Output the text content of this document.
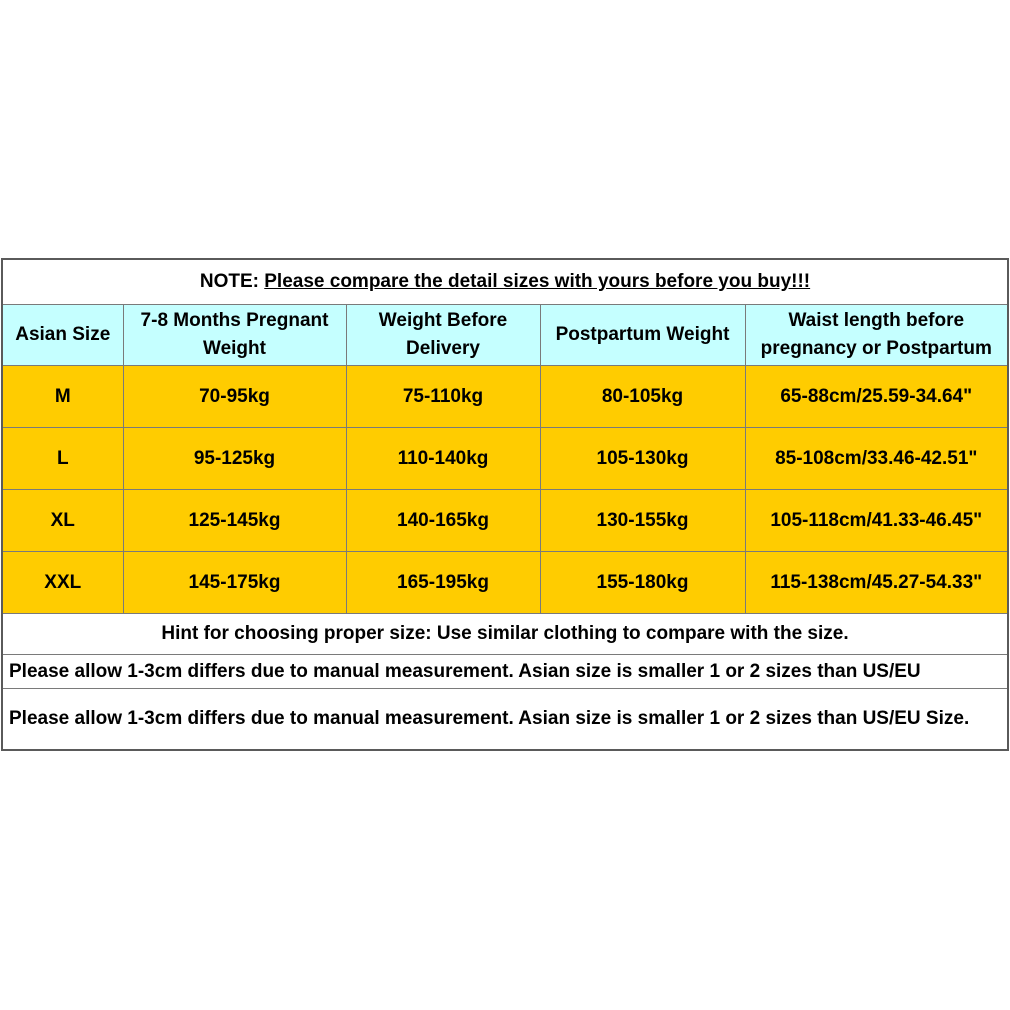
NOTE: Please compare the detail sizes with yours before you buy!!!				
Asian Size	7-8 Months Pregnant Weight	Weight Before Delivery	Postpartum Weight	Waist length before pregnancy or Postpartum
M	70-95kg	75-110kg	80-105kg	65-88cm/25.59-34.64"
L	95-125kg	110-140kg	105-130kg	85-108cm/33.46-42.51"
XL	125-145kg	140-165kg	130-155kg	105-118cm/41.33-46.45"
XXL	145-175kg	165-195kg	155-180kg	115-138cm/45.27-54.33"
Hint for choosing proper size: Use similar clothing to compare with the size.				
Please allow 1-3cm differs due to manual measurement. Asian size is smaller 1 or 2 sizes than US/EU				
Please allow 1-3cm differs due to manual measurement. Asian size is smaller 1 or 2 sizes than US/EU Size.				
